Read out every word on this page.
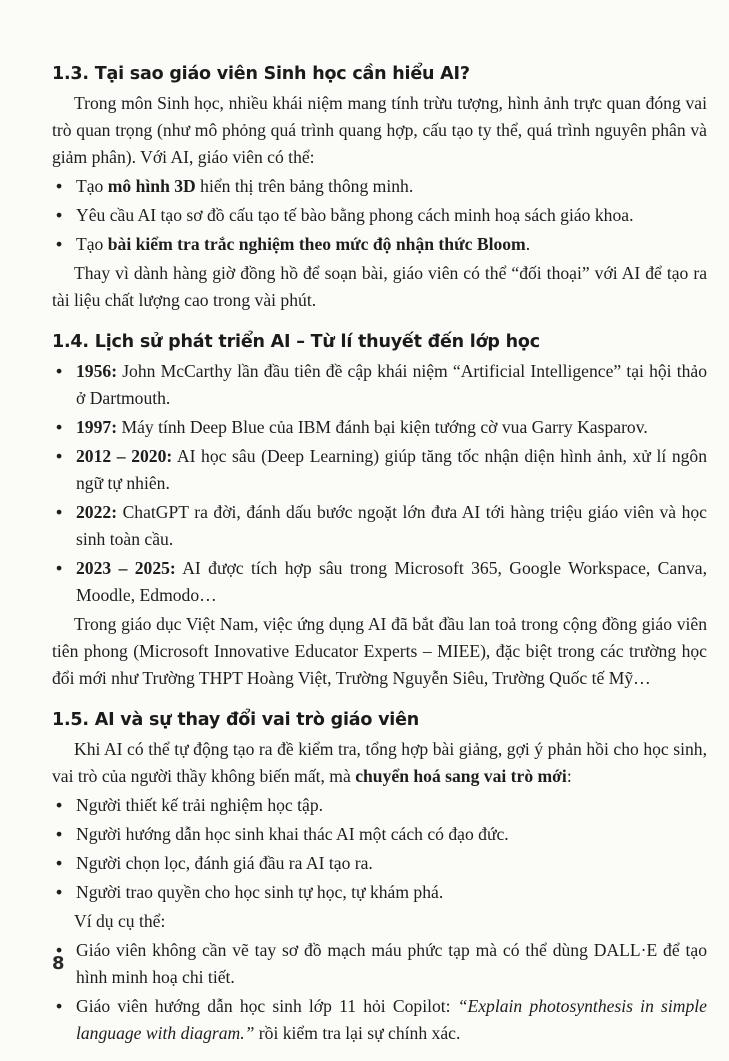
1.3. Tại sao giáo viên Sinh học cần hiểu AI?

Trong môn Sinh học, nhiều khái niệm mang tính trừu tượng, hình ảnh trực quan đóng vai trò quan trọng (như mô phỏng quá trình quang hợp, cấu tạo ty thể, quá trình nguyên phân và giảm phân). Với AI, giáo viên có thể:

• Tạo mô hình 3D hiển thị trên bảng thông minh.
• Yêu cầu AI tạo sơ đồ cấu tạo tế bào bằng phong cách minh hoạ sách giáo khoa.
• Tạo bài kiểm tra trắc nghiệm theo mức độ nhận thức Bloom.

Thay vì dành hàng giờ đồng hồ để soạn bài, giáo viên có thể “đối thoại” với AI để tạo ra tài liệu chất lượng cao trong vài phút.

1.4. Lịch sử phát triển AI – Từ lí thuyết đến lớp học
• 1956: John McCarthy lần đầu tiên đề cập khái niệm “Artificial Intelligence” tại hội thảo ở Dartmouth.
• 1997: Máy tính Deep Blue của IBM đánh bại kiện tướng cờ vua Garry Kasparov.
• 2012 – 2020: AI học sâu (Deep Learning) giúp tăng tốc nhận diện hình ảnh, xử lí ngôn ngữ tự nhiên.
• 2022: ChatGPT ra đời, đánh dấu bước ngoặt lớn đưa AI tới hàng triệu giáo viên và học sinh toàn cầu.
• 2023 – 2025: AI được tích hợp sâu trong Microsoft 365, Google Workspace, Canva, Moodle, Edmodo…

Trong giáo dục Việt Nam, việc ứng dụng AI đã bắt đầu lan toả trong cộng đồng giáo viên tiên phong (Microsoft Innovative Educator Experts – MIEE), đặc biệt trong các trường học đổi mới như Trường THPT Hoàng Việt, Trường Nguyễn Siêu, Trường Quốc tế Mỹ…

1.5. AI và sự thay đổi vai trò giáo viên

Khi AI có thể tự động tạo ra đề kiểm tra, tổng hợp bài giảng, gợi ý phản hồi cho học sinh, vai trò của người thầy không biến mất, mà chuyển hoá sang vai trò mới:

• Người thiết kế trải nghiệm học tập.
• Người hướng dẫn học sinh khai thác AI một cách có đạo đức.
• Người chọn lọc, đánh giá đầu ra AI tạo ra.
• Người trao quyền cho học sinh tự học, tự khám phá.

Ví dụ cụ thể:

• Giáo viên không cần vẽ tay sơ đồ mạch máu phức tạp mà có thể dùng DALL·E để tạo hình minh hoạ chi tiết.
• Giáo viên hướng dẫn học sinh lớp 11 hỏi Copilot: “Explain photosynthesis in simple language with diagram.” rồi kiểm tra lại sự chính xác.
8
